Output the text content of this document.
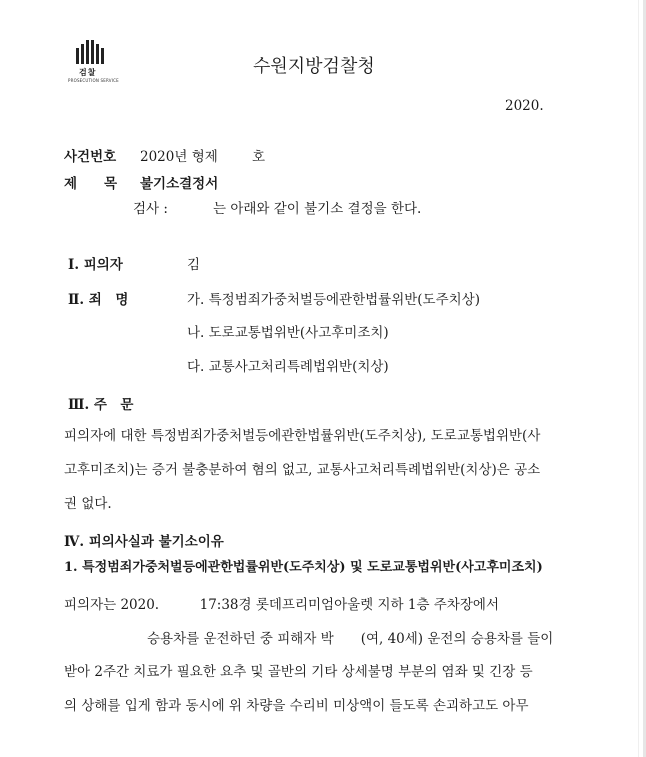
검찰
PROSECUTION SERVICE
수원지방검찰청
2020.
사건번호 2020년 형제	호
제　　목 불기소결정서
검사 :	는 아래와 같이 불기소 결정을 한다.
Ⅰ. 피의자	김
Ⅱ. 죄　명	가. 특정범죄가중처벌등에관한법률위반(도주치상)
나. 도로교통법위반(사고후미조치)
다. 교통사고처리특례법위반(치상)
Ⅲ. 주　문
피의자에 대한 특정범죄가중처벌등에관한법률위반(도주치상), 도로교통법위반(사
고후미조치)는 증거 불충분하여 혐의 없고, 교통사고처리특례법위반(치상)은 공소
권 없다.
Ⅳ. 피의사실과 불기소이유
1. 특정범죄가중처벌등에관한법률위반(도주치상) 및 도로교통법위반(사고후미조치)
피의자는 2020.　　　17:38경 롯데프리미엄아울렛 지하 1층 주차장에서
승용차를 운전하던 중 피해자 박　　(여, 40세) 운전의 승용차를 들이
받아 2주간 치료가 필요한 요추 및 골반의 기타 상세불명 부분의 염좌 및 긴장 등
의 상해를 입게 함과 동시에 위 차량을 수리비 미상액이 들도록 손괴하고도 아무
